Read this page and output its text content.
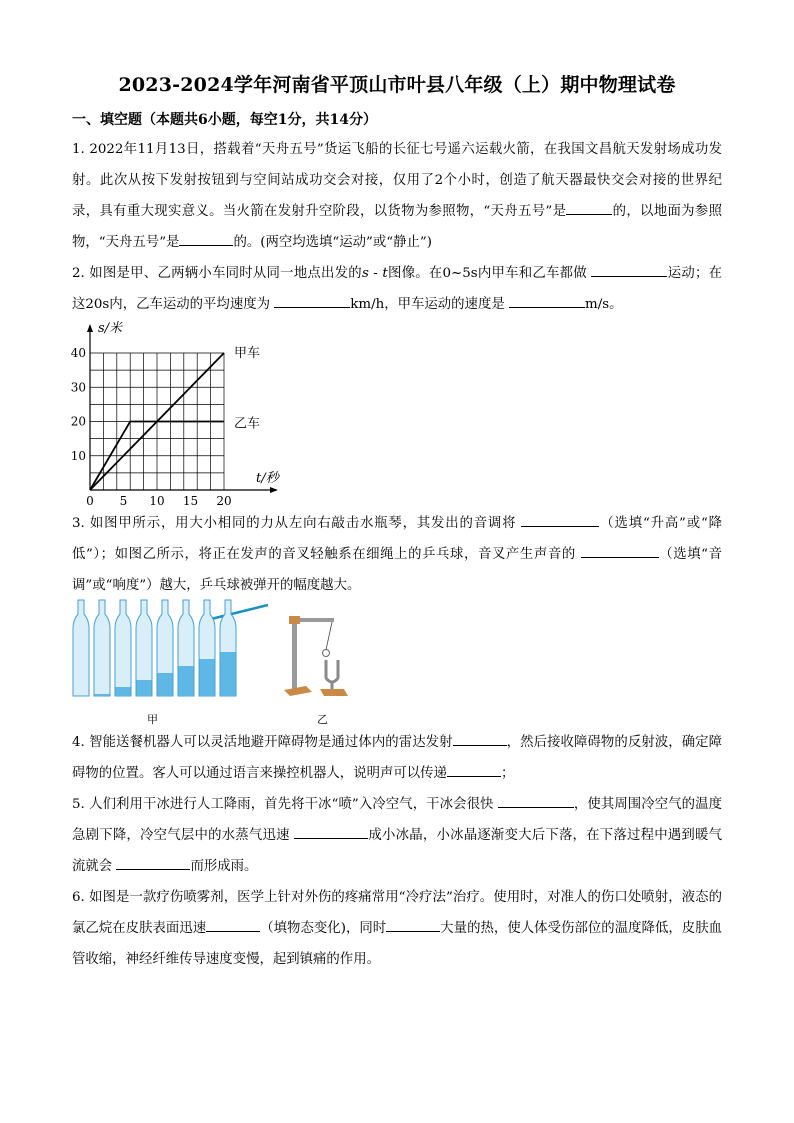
2023-2024学年河南省平顶山市叶县八年级（上）期中物理试卷
一、填空题（本题共6小题，每空1分，共14分）
1. 2022年11月13日，搭载着“天舟五号”货运飞船的长征七号遥六运载火箭，在我国文昌航天发射场成功发射。此次从按下发射按钮到与空间站成功交会对接，仅用了2个小时，创造了航天器最快交会对接的世界纪录，具有重大现实意义。当火箭在发射升空阶段，以货物为参照物，“天舟五号”是	的，以地面为参照物，“天舟五号”是	的。(两空均选填“运动”或“静止”)
2. 如图是甲、乙两辆小车同时从同一地点出发的s - t图像。在0~5s内甲车和乙车都做	运动；在这20s内，乙车运动的平均速度为	km/h，甲车运动的速度是	m/s。
10
20
30
40
0 5 10 15 20
s/米
t/秒
甲车
乙车
3. 如图甲所示，用大小相同的力从左向右敲击水瓶琴，其发出的音调将	（选填“升高”或“降低”）；如图乙所示，将正在发声的音叉轻触系在细绳上的乒乓球，音叉产生声音的	（选填“音调”或“响度”）越大，乒乓球被弹开的幅度越大。
甲	乙
4. 智能送餐机器人可以灵活地避开障碍物是通过体内的雷达发射	，然后接收障碍物的反射波，确定障碍物的位置。客人可以通过语言来操控机器人，说明声可以传递	；
5. 人们利用干冰进行人工降雨，首先将干冰“喷”入冷空气，干冰会很快	，使其周围冷空气的温度急剧下降，冷空气层中的水蒸气迅速	成小冰晶，小冰晶逐渐变大后下落，在下落过程中遇到暖气流就会	而形成雨。
6. 如图是一款疗伤喷雾剂，医学上针对外伤的疼痛常用“冷疗法”治疗。使用时，对准人的伤口处喷射，液态的氯乙烷在皮肤表面迅速	（填物态变化)，同时	大量的热，使人体受伤部位的温度降低，皮肤血管收缩，神经纤维传导速度变慢，起到镇痛的作用。
